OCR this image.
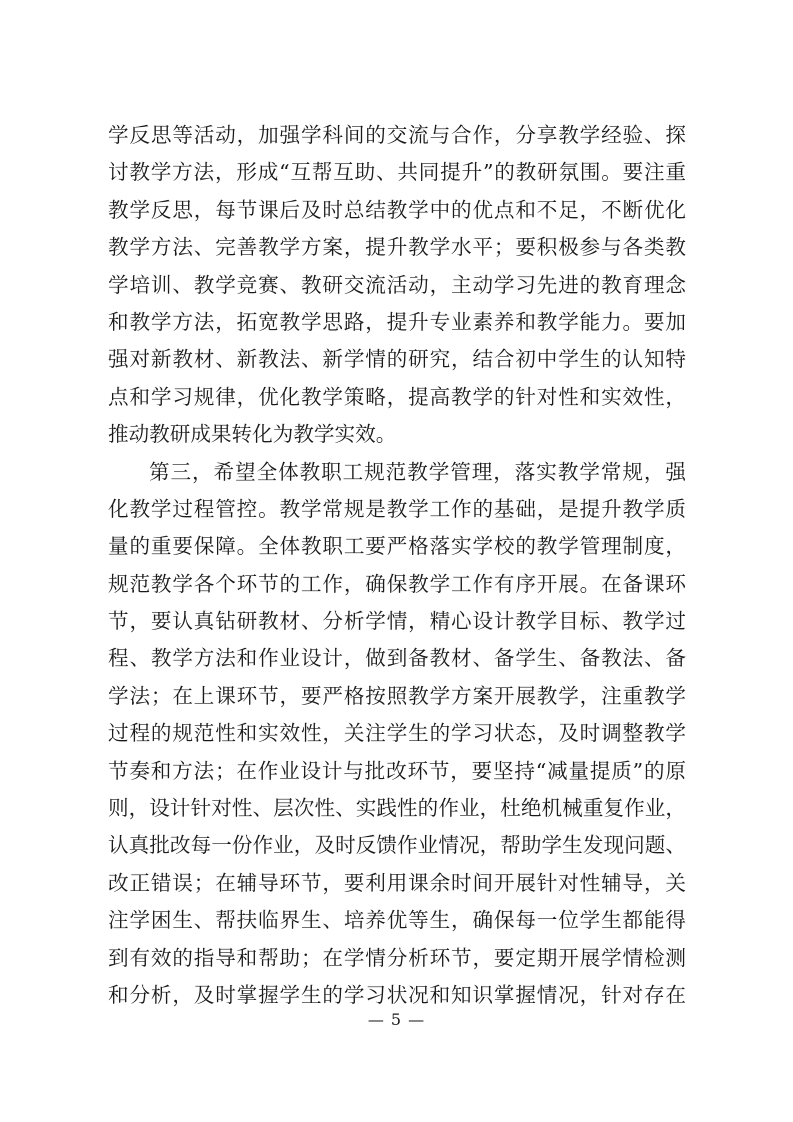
学反思等活动，加强学科间的交流与合作，分享教学经验、探
讨教学方法，形成“互帮互助、共同提升”的教研氛围。要注重
教学反思，每节课后及时总结教学中的优点和不足，不断优化
教学方法、完善教学方案，提升教学水平；要积极参与各类教
学培训、教学竞赛、教研交流活动，主动学习先进的教育理念
和教学方法，拓宽教学思路，提升专业素养和教学能力。要加
强对新教材、新教法、新学情的研究，结合初中学生的认知特
点和学习规律，优化教学策略，提高教学的针对性和实效性，
推动教研成果转化为教学实效。
第三，希望全体教职工规范教学管理，落实教学常规，强
化教学过程管控。教学常规是教学工作的基础，是提升教学质
量的重要保障。全体教职工要严格落实学校的教学管理制度，
规范教学各个环节的工作，确保教学工作有序开展。在备课环
节，要认真钻研教材、分析学情，精心设计教学目标、教学过
程、教学方法和作业设计，做到备教材、备学生、备教法、备
学法；在上课环节，要严格按照教学方案开展教学，注重教学
过程的规范性和实效性，关注学生的学习状态，及时调整教学
节奏和方法；在作业设计与批改环节，要坚持“减量提质”的原
则，设计针对性、层次性、实践性的作业，杜绝机械重复作业，
认真批改每一份作业，及时反馈作业情况，帮助学生发现问题、
改正错误；在辅导环节，要利用课余时间开展针对性辅导，关
注学困生、帮扶临界生、培养优等生，确保每一位学生都能得
到有效的指导和帮助；在学情分析环节，要定期开展学情检测
和分析，及时掌握学生的学习状况和知识掌握情况，针对存在
— 5 —
